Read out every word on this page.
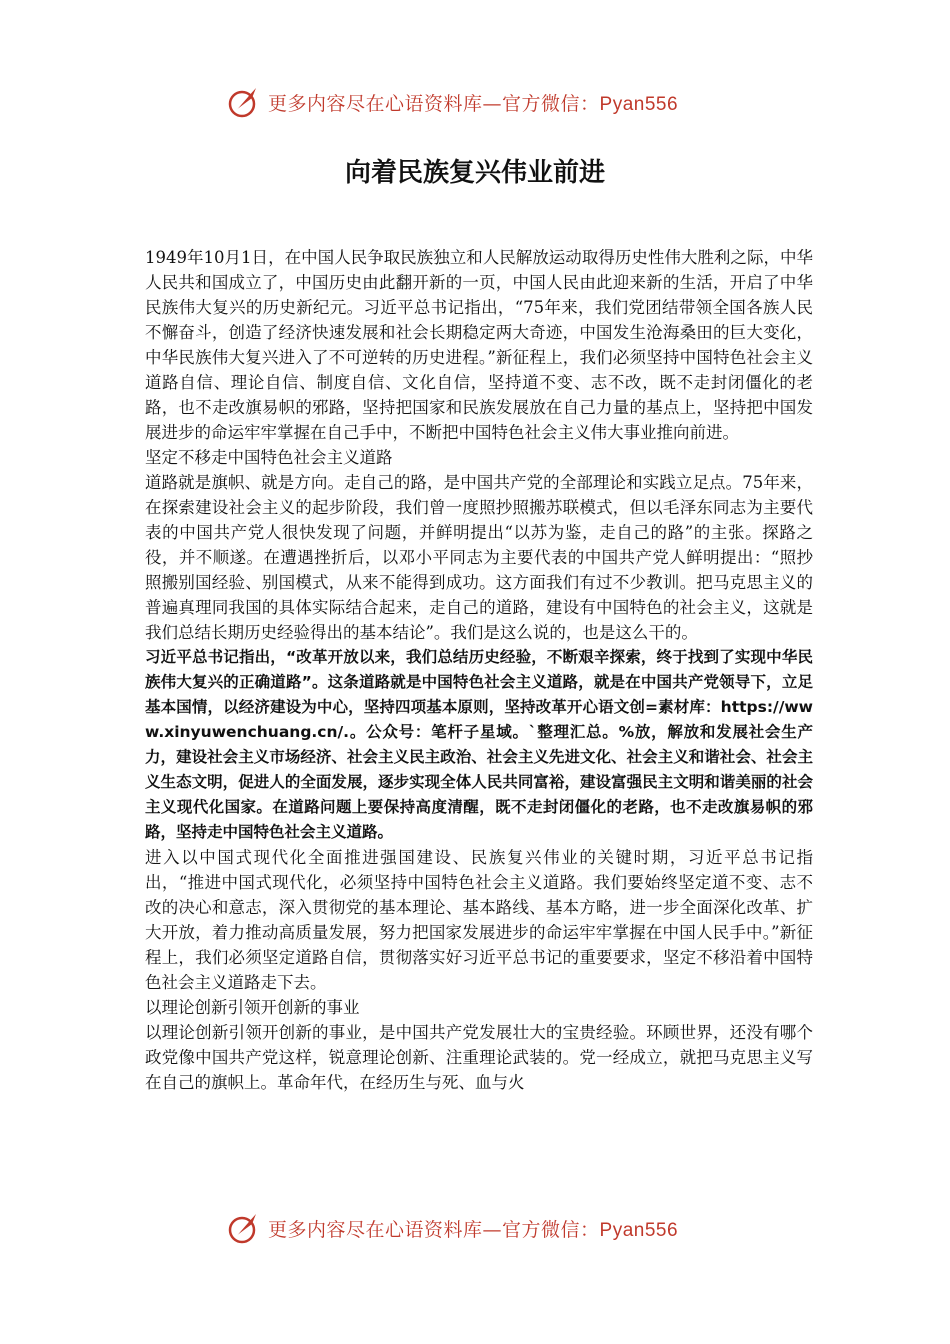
更多内容尽在心语资料库—官方微信：Pyan556
向着民族复兴伟业前进

1949年10月1日，在中国人民争取民族独立和人民解放运动取得历史性伟大胜利之际，中华人民共和国成立了，中国历史由此翻开新的一页，中国人民由此迎来新的生活，开启了中华民族伟大复兴的历史新纪元。习近平总书记指出，“75年来，我们党团结带领全国各族人民不懈奋斗，创造了经济快速发展和社会长期稳定两大奇迹，中国发生沧海桑田的巨大变化，中华民族伟大复兴进入了不可逆转的历史进程。”新征程上，我们必须坚持中国特色社会主义道路自信、理论自信、制度自信、文化自信，坚持道不变、志不改，既不走封闭僵化的老路，也不走改旗易帜的邪路，坚持把国家和民族发展放在自己力量的基点上，坚持把中国发展进步的命运牢牢掌握在自己手中，不断把中国特色社会主义伟大事业推向前进。

坚定不移走中国特色社会主义道路

道路就是旗帜、就是方向。走自己的路，是中国共产党的全部理论和实践立足点。75年来，在探索建设社会主义的起步阶段，我们曾一度照抄照搬苏联模式，但以毛泽东同志为主要代表的中国共产党人很快发现了问题，并鲜明提出“以苏为鉴，走自己的路”的主张。探路之役，并不顺遂。在遭遇挫折后，以邓小平同志为主要代表的中国共产党人鲜明提出：“照抄照搬别国经验、别国模式，从来不能得到成功。这方面我们有过不少教训。把马克思主义的普遍真理同我国的具体实际结合起来，走自己的道路，建设有中国特色的社会主义，这就是我们总结长期历史经验得出的基本结论”。我们是这么说的，也是这么干的。

习近平总书记指出，“改革开放以来，我们总结历史经验，不断艰辛探索，终于找到了实现中华民族伟大复兴的正确道路”。这条道路就是中国特色社会主义道路，就是在中国共产党领导下，立足基本国情，以经济建设为中心，坚持四项基本原则，坚持改革开心语文创=素材库：https://www.xinyuwenchuang.cn/.。公众号：笔杆子星域。`整理汇总。%放，解放和发展社会生产力，建设社会主义市场经济、社会主义民主政治、社会主义先进文化、社会主义和谐社会、社会主义生态文明，促进人的全面发展，逐步实现全体人民共同富裕，建设富强民主文明和谐美丽的社会主义现代化国家。在道路问题上要保持高度清醒，既不走封闭僵化的老路，也不走改旗易帜的邪路，坚持走中国特色社会主义道路。

进入以中国式现代化全面推进强国建设、民族复兴伟业的关键时期，习近平总书记指出，“推进中国式现代化，必须坚持中国特色社会主义道路。我们要始终坚定道不变、志不改的决心和意志，深入贯彻党的基本理论、基本路线、基本方略，进一步全面深化改革、扩大开放，着力推动高质量发展，努力把国家发展进步的命运牢牢掌握在中国人民手中。”新征程上，我们必须坚定道路自信，贯彻落实好习近平总书记的重要要求，坚定不移沿着中国特色社会主义道路走下去。

以理论创新引领开创新的事业

以理论创新引领开创新的事业，是中国共产党发展壮大的宝贵经验。环顾世界，还没有哪个政党像中国共产党这样，锐意理论创新、注重理论武装的。党一经成立，就把马克思主义写在自己的旗帜上。革命年代，在经历生与死、血与火

更多内容尽在心语资料库—官方微信：Pyan556
